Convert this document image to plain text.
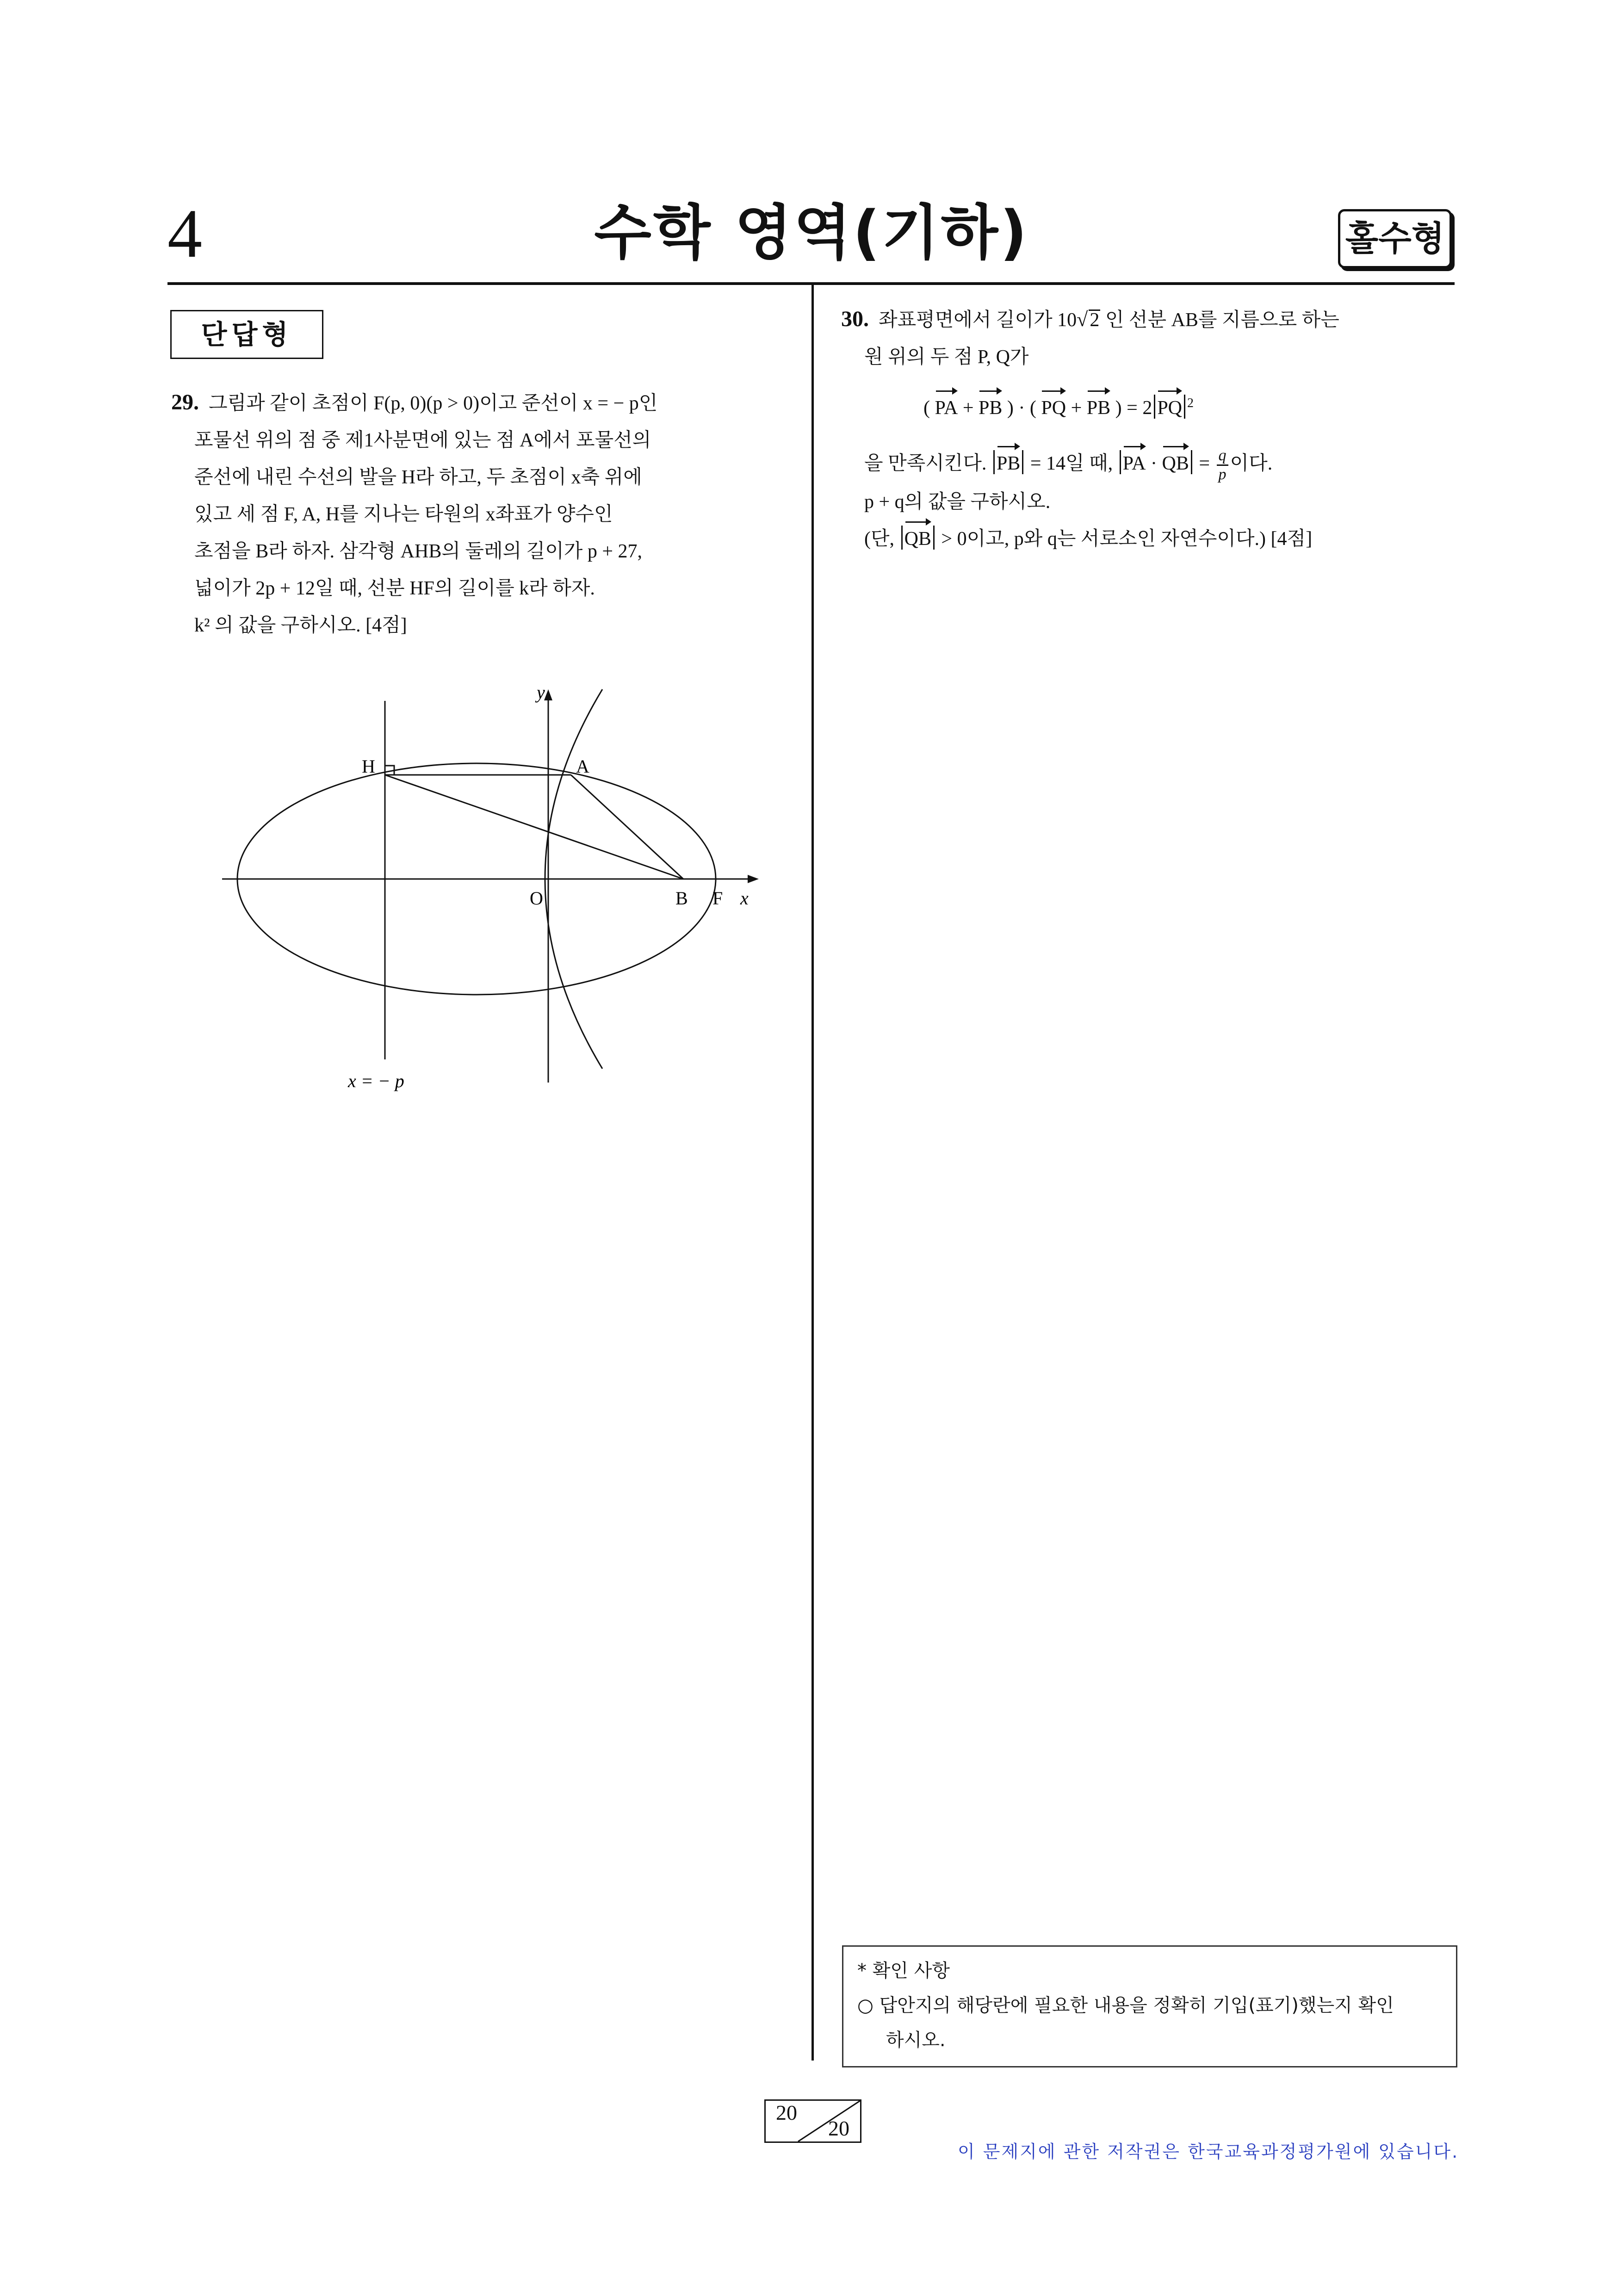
4	수학 영역(기하)	홀수형
단답형
29. 그림과 같이 초점이 F(p, 0)(p > 0)이고 준선이 x = − p인
포물선 위의 점 중 제1사분면에 있는 점 A에서 포물선의
준선에 내린 수선의 발을 H라 하고, 두 초점이 x축 위에
있고 세 점 F, A, H를 지나는 타원의 x좌표가 양수인
초점을 B라 하자. 삼각형 AHB의 둘레의 길이가 p + 27,
넓이가 2p + 12일 때, 선분 HF의 길이를 k라 하자.
k² 의 값을 구하시오. [4점]
y
x
O
H	A
B F
x = − p
30. 좌표평면에서 길이가 10√2 인 선분 AB를 지름으로 하는
원 위의 두 점 P, Q가
( PA + PB ) · ( PQ + PB ) = 2 PQ $^2$
을 만족시킨다. PB = 14일 때, PA · QB = $\frac{q}{p}$ 이다.
p + q의 값을 구하시오.
(단, QB > 0이고, p와 q는 서로소인 자연수이다.) [4점]
* 확인 사항
○ 답안지의 해당란에 필요한 내용을 정확히 기입(표기)했는지 확인
하시오.
20
20
이 문제지에 관한 저작권은 한국교육과정평가원에 있습니다.
